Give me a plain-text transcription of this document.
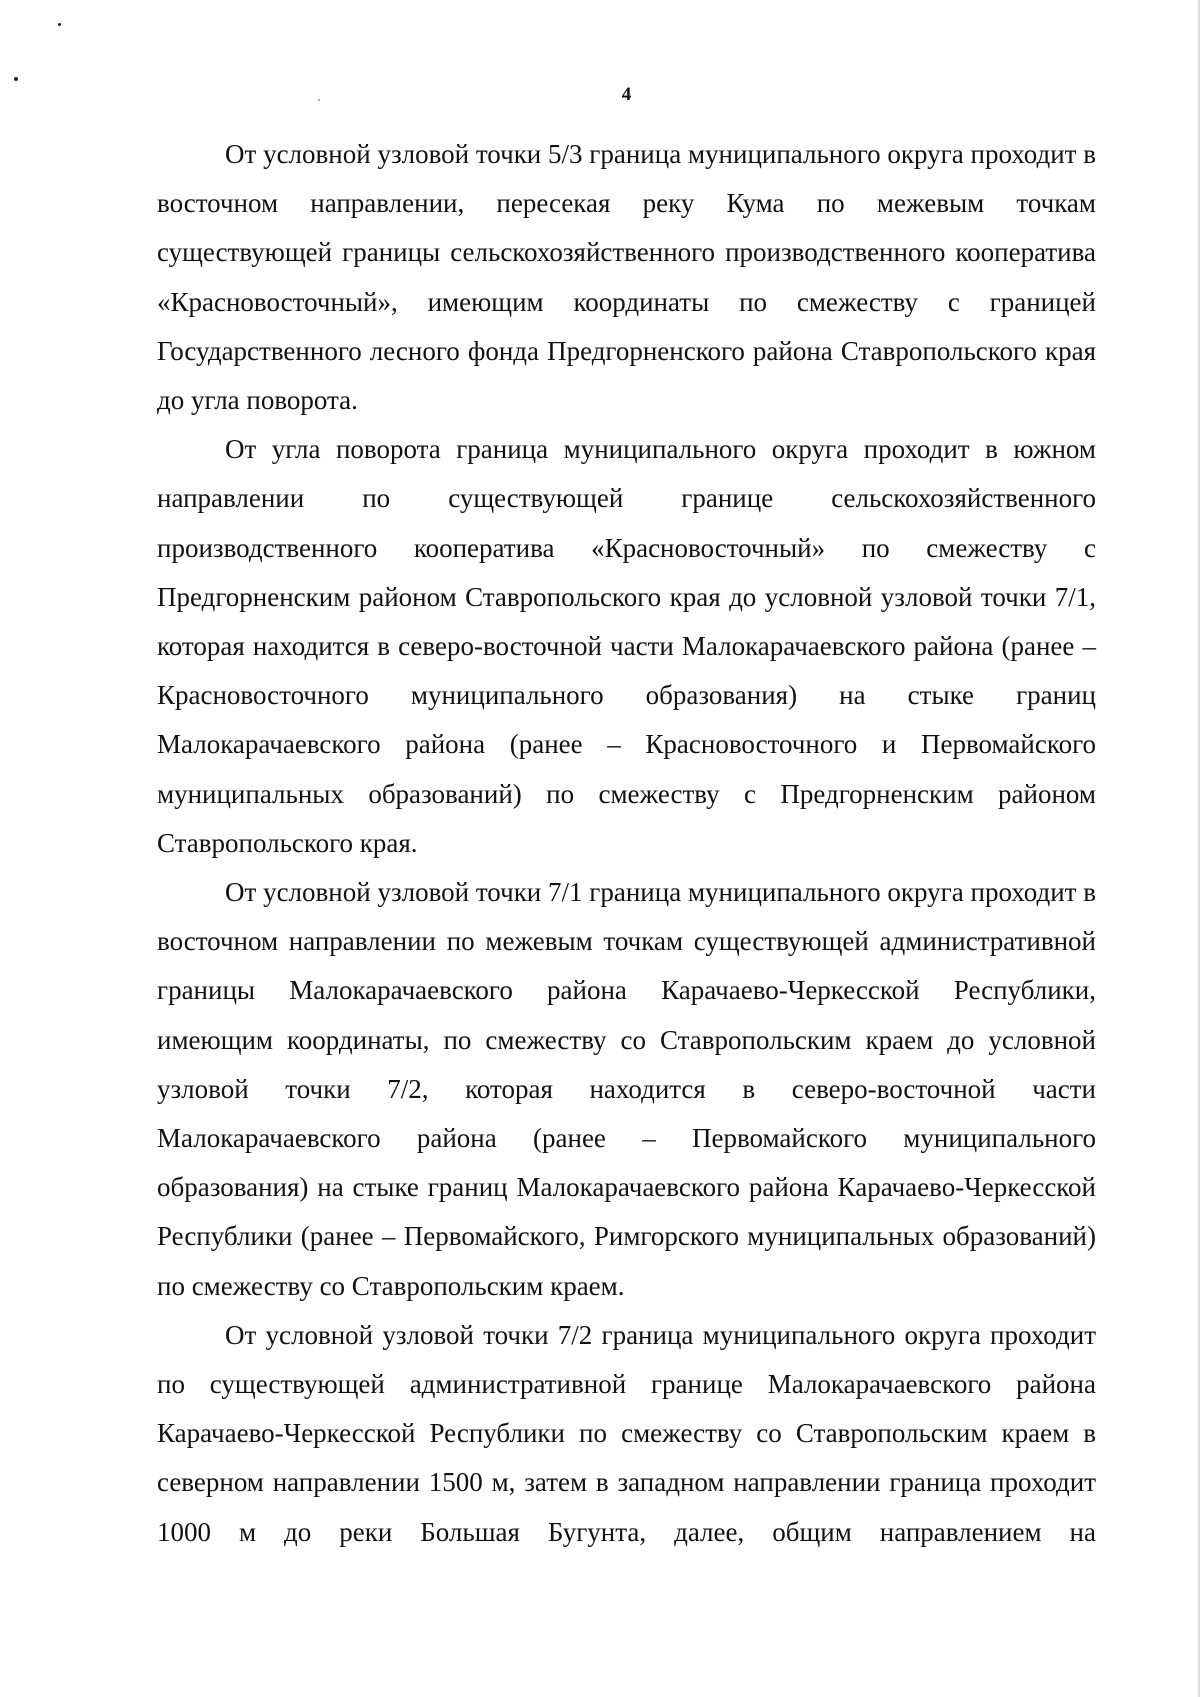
4

От условной узловой точки 5/3 граница муниципального округа проходит в восточном направлении, пересекая реку Кума по межевым точкам существующей границы сельскохозяйственного производственного кооператива «Красновосточный», имеющим координаты по смежеству с границей Государственного лесного фонда Предгорненского района Ставропольского края до угла поворота.

От угла поворота граница муниципального округа проходит в южном направлении по существующей границе сельскохозяйственного производственного кооператива «Красновосточный» по смежеству с Предгорненским районом Ставропольского края до условной узловой точки 7/1, которая находится в северо-восточной части Малокарачаевского района (ранее – Красновосточного муниципального образования) на стыке границ Малокарачаевского района (ранее – Красновосточного и Первомайского муниципальных образований) по смежеству с Предгорненским районом Ставропольского края.

От условной узловой точки 7/1 граница муниципального округа проходит в восточном направлении по межевым точкам существующей административной границы Малокарачаевского района Карачаево-Черкесской Республики, имеющим координаты, по смежеству со Ставропольским краем до условной узловой точки 7/2, которая находится в северо-восточной части Малокарачаевского района (ранее – Первомайского муниципального образования) на стыке границ Малокарачаевского района Карачаево-Черкесской Республики (ранее – Первомайского, Римгорского муниципальных образований) по смежеству со Ставропольским краем.

От условной узловой точки 7/2 граница муниципального округа проходит по существующей административной границе Малокарачаевского района Карачаево-Черкесской Республики по смежеству со Ставропольским краем в северном направлении 1500 м, затем в западном направлении граница проходит 1000 м до реки Большая Бугунта, далее, общим направлением на
